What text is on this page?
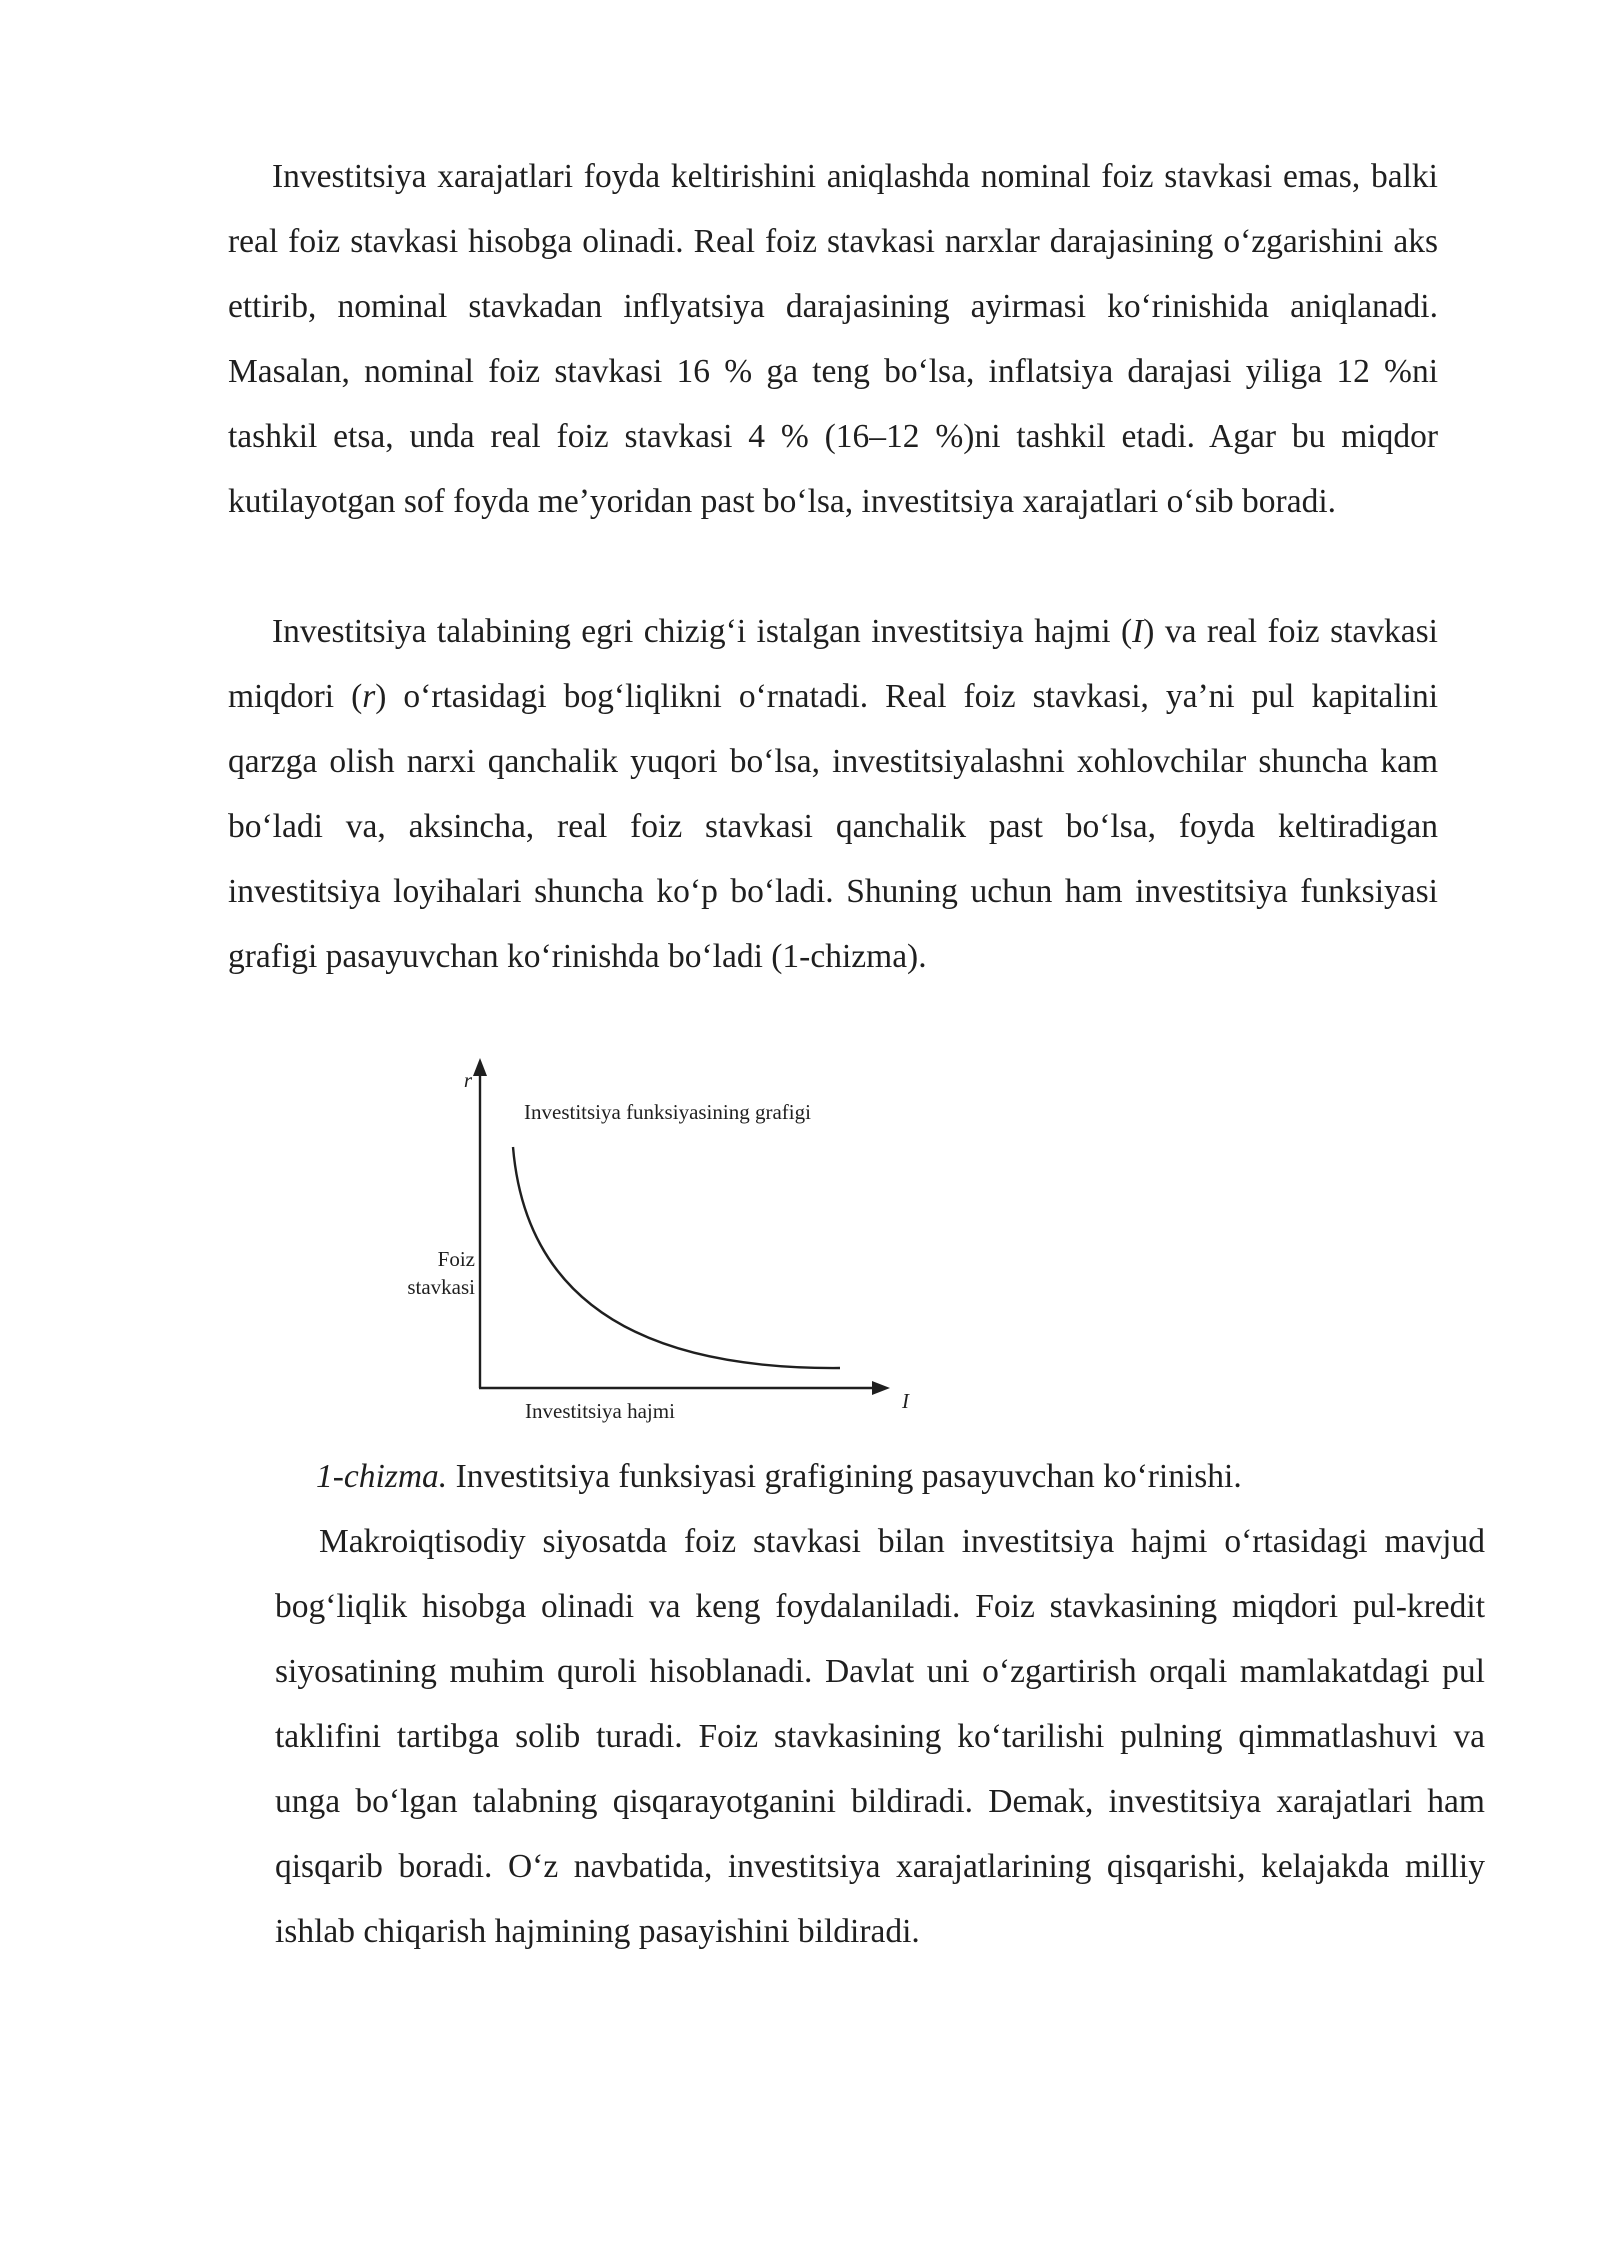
Investitsiya xarajatlari foyda keltirishini aniqlashda nominal foiz stavkasi emas, balki real foiz stavkasi hisobga olinadi. Real foiz stavkasi narxlar darajasining oʻzgarishini aks ettirib, nominal stavkadan inflyatsiya darajasining ayirmasi koʻrinishida aniqlanadi. Masalan, nominal foiz stavkasi 16 % ga teng boʻlsa, inflatsiya darajasi yiliga 12 %ni tashkil etsa, unda real foiz stavkasi 4 % (16–12 %)ni tashkil etadi. Agar bu miqdor kutilayotgan sof foyda meʼyoridan past boʻlsa, investitsiya xarajatlari oʻsib boradi.

Investitsiya talabining egri chizigʻi istalgan investitsiya hajmi (I) va real foiz stavkasi miqdori (r) oʻrtasidagi bogʻliqlikni oʻrnatadi. Real foiz stavkasi, yaʼni pul kapitalini qarzga olish narxi qanchalik yuqori boʻlsa, investitsiyalashni xohlovchilar shuncha kam boʻladi va, aksincha, real foiz stavkasi qanchalik past boʻlsa, foyda keltiradigan investitsiya loyihalari shuncha koʻp boʻladi. Shuning uchun ham investitsiya funksiyasi grafigi pasayuvchan koʻrinishda boʻladi (1-chizma).

r
Investitsiya funksiyasining grafigi
Foiz
stavkasi
Investitsiya hajmi	I

1-chizma. Investitsiya funksiyasi grafigining pasayuvchan koʻrinishi.

Makroiqtisodiy siyosatda foiz stavkasi bilan investitsiya hajmi oʻrtasidagi mavjud bogʻliqlik hisobga olinadi va keng foydalaniladi. Foiz stavkasining miqdori pul-kredit siyosatining muhim quroli hisoblanadi. Davlat uni oʻzgartirish orqali mamlakatdagi pul taklifini tartibga solib turadi. Foiz stavkasining koʻtarilishi pulning qimmatlashuvi va unga boʻlgan talabning qisqarayotganini bildiradi. Demak, investitsiya xarajatlari ham qisqarib boradi. Oʻz navbatida, investitsiya xarajatlarining qisqarishi, kelajakda milliy ishlab chiqarish hajmining pasayishini bildiradi.
